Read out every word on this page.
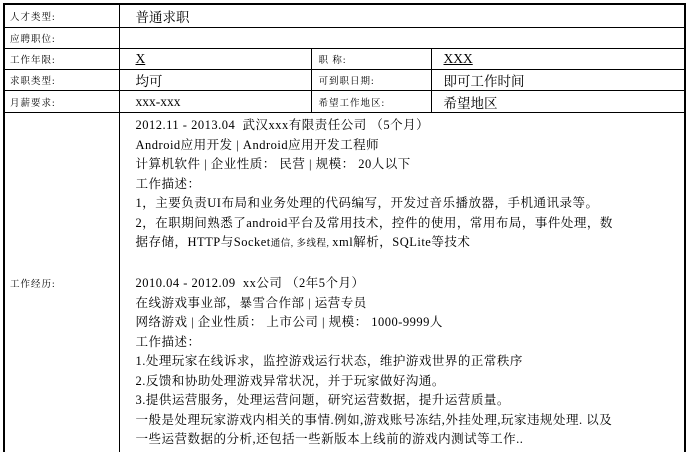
人才类型:	普通求职		
应聘职位:			
工作年限:	X	职 称:	XXX
求职类型:	均可	可到职日期:	即可工作时间
月薪要求:	xxx-xxx	希望工作地区:	希望地区
工作经历:	
2012.11 - 2013.04  武汉xxx有限责任公司 （5个月）
Android应用开发 | Android应用开发工程师
计算机软件 | 企业性质： 民营 | 规模： 20人以下
工作描述：
1，主要负责UI布局和业务处理的代码编写，开发过音乐播放器，手机通讯录等。
2，在职期间熟悉了android平台及常用技术，控件的使用，常用布局，事件处理，数
据存储，HTTP与Socket通信, 多线程, xml解析，SQLite等技术
2010.04 - 2012.09  xx公司 （2年5个月）
在线游戏事业部，暴雪合作部 | 运营专员
网络游戏 | 企业性质： 上市公司 | 规模： 1000-9999人
工作描述：
1.处理玩家在线诉求，监控游戏运行状态，维护游戏世界的正常秩序
2.反馈和协助处理游戏异常状况，并于玩家做好沟通。
3.提供运营服务，处理运营问题，研究运营数据，提升运营质量。
一般是处理玩家游戏内相关的事情.例如,游戏账号冻结,外挂处理,玩家违规处理. 以及
一些运营数据的分析,还包括一些新版本上线前的游戏内测试等工作..
